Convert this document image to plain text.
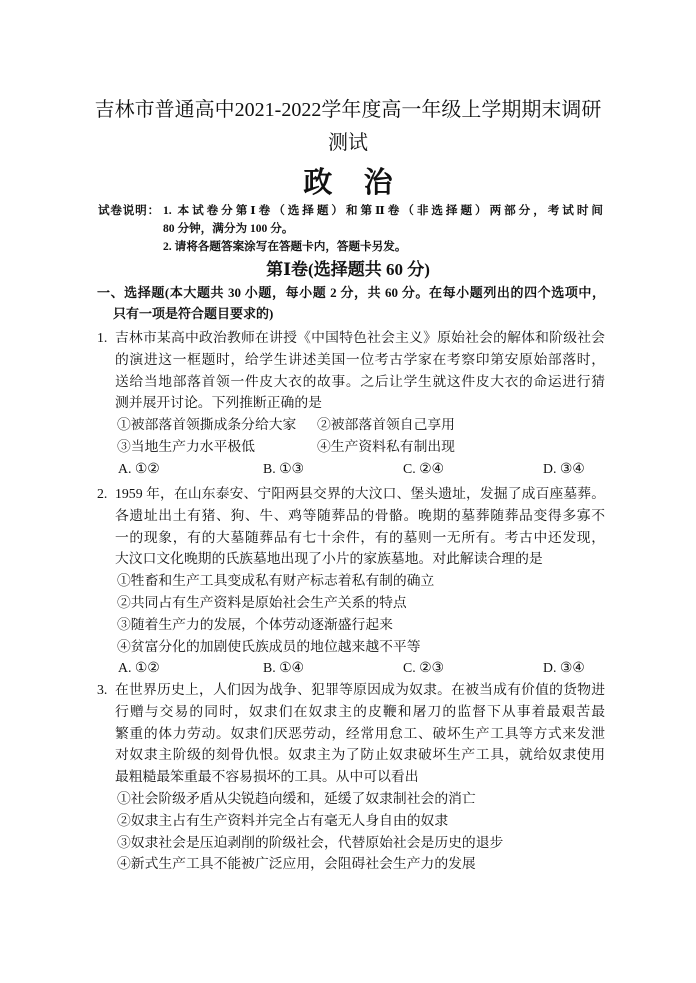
吉林市普通高中2021-2022学年度高一年级上学期期末调研
测试
政 治
试卷说明： 1. 本试卷分第Ⅰ卷（选择题）和第Ⅱ卷（非选择题）两部分，考试时间
80 分钟，满分为 100 分。
2. 请将各题答案涂写在答题卡内，答题卡另发。
第Ⅰ卷(选择题共 60 分)
一、选择题(本大题共 30 小题，每小题 2 分，共 60 分。在每小题列出的四个选项中，
只有一项是符合题目要求的)
1. 吉林市某高中政治教师在讲授《中国特色社会主义》原始社会的解体和阶级社会
的演进这一框题时，给学生讲述美国一位考古学家在考察印第安原始部落时，
送给当地部落首领一件皮大衣的故事。之后让学生就这件皮大衣的命运进行猜
测并展开讨论。下列推断正确的是
①被部落首领撕成条分给大家 ②被部落首领自己享用
③当地生产力水平极低	④生产资料私有制出现
A. ①②	B. ①③	C. ②④	D. ③④
2. 1959 年，在山东泰安、宁阳两县交界的大汶口、堡头遗址，发掘了成百座墓葬。
各遗址出土有猪、狗、牛、鸡等随葬品的骨骼。晚期的墓葬随葬品变得多寡不
一的现象，有的大墓随葬品有七十余件，有的墓则一无所有。考古中还发现，
大汶口文化晚期的氏族墓地出现了小片的家族墓地。对此解读合理的是
①牲畜和生产工具变成私有财产标志着私有制的确立
②共同占有生产资料是原始社会生产关系的特点
③随着生产力的发展，个体劳动逐渐盛行起来
④贫富分化的加剧使氏族成员的地位越来越不平等
A. ①②	B. ①④	C. ②③	D. ③④
3. 在世界历史上，人们因为战争、犯罪等原因成为奴隶。在被当成有价值的货物进
行赠与交易的同时，奴隶们在奴隶主的皮鞭和屠刀的监督下从事着最艰苦最
繁重的体力劳动。奴隶们厌恶劳动，经常用怠工、破坏生产工具等方式来发泄
对奴隶主阶级的刻骨仇恨。奴隶主为了防止奴隶破坏生产工具，就给奴隶使用
最粗糙最笨重最不容易损坏的工具。从中可以看出
①社会阶级矛盾从尖锐趋向缓和，延缓了奴隶制社会的消亡
②奴隶主占有生产资料并完全占有毫无人身自由的奴隶
③奴隶社会是压迫剥削的阶级社会，代替原始社会是历史的退步
④新式生产工具不能被广泛应用，会阻碍社会生产力的发展
